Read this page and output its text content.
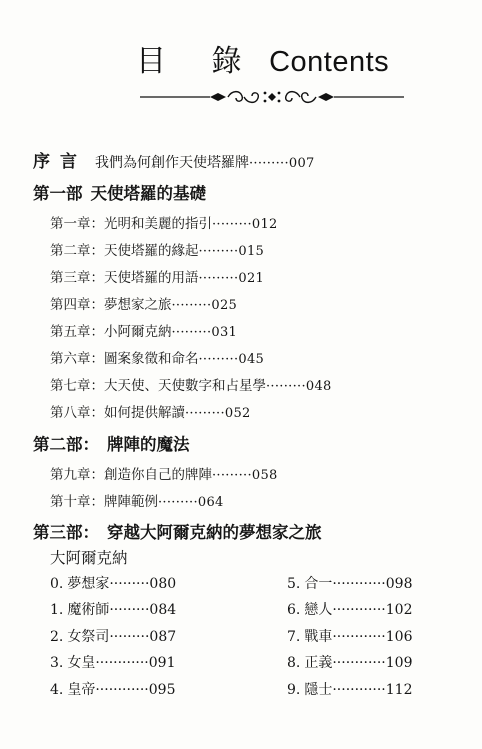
目 錄 Contents
序言 我們為何創作天使塔羅牌·········007
第一部 天使塔羅的基礎
第一章：光明和美麗的指引·········012
第二章：天使塔羅的緣起·········015
第三章：天使塔羅的用語·········021
第四章：夢想家之旅·········025
第五章：小阿爾克納·········031
第六章：圖案象徵和命名·········045
第七章：大天使、天使數字和占星學·········048
第八章：如何提供解讀·········052
第二部： 牌陣的魔法
第九章：創造你自己的牌陣·········058
第十章：牌陣範例·········064
第三部： 穿越大阿爾克納的夢想家之旅
大阿爾克納
0. 夢想家·········080
1. 魔術師·········084
2. 女祭司·········087
3. 女皇············091
4. 皇帝············095
5. 合一············098
6. 戀人············102
7. 戰車············106
8. 正義············109
9. 隱士············112
